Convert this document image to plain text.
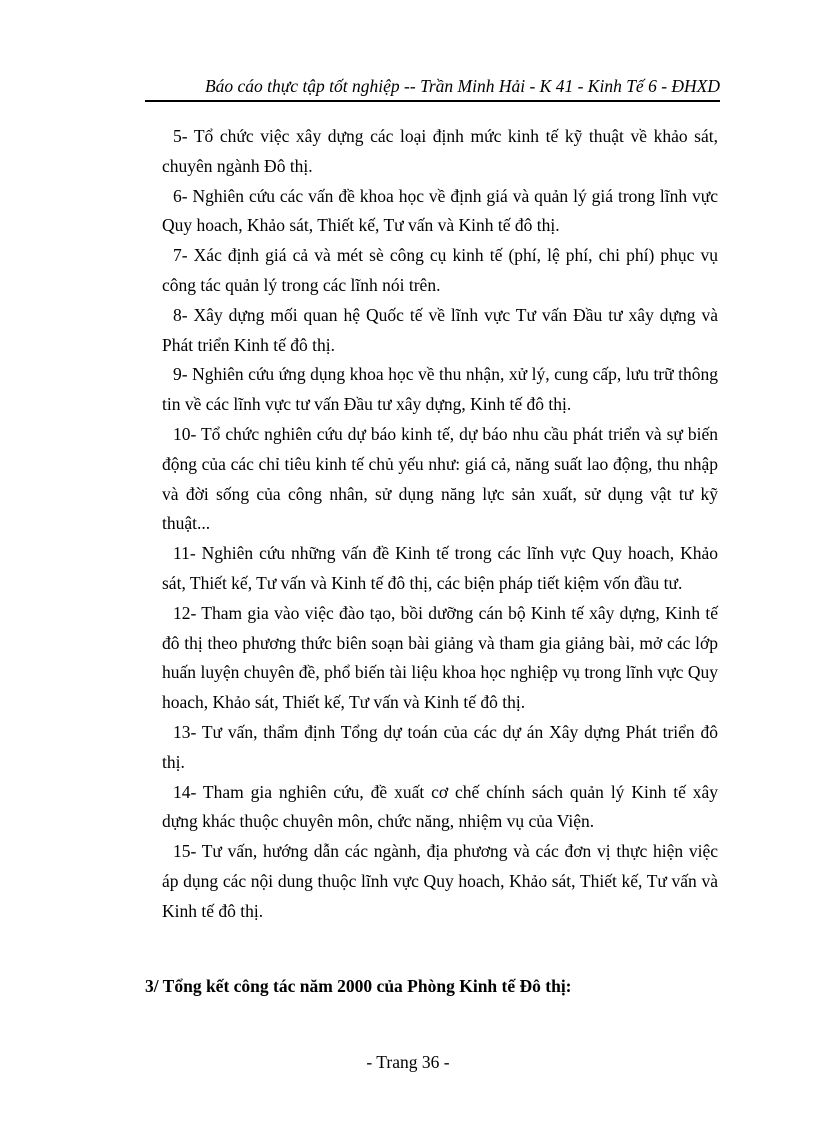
Báo cáo thực tập tốt nghiệp -- Trần Minh Hải - K 41 - Kinh Tế 6 - ĐHXD

5- Tổ chức việc xây dựng các loại định mức kinh tế kỹ thuật về khảo sát, chuyên ngành Đô thị.

6- Nghiên cứu các vấn đề khoa học về định giá và quản lý giá trong lĩnh vực Quy hoach, Khảo sát, Thiết kế, Tư vấn và Kinh tế đô thị.

7- Xác định giá cả và mét sè công cụ kinh tế (phí, lệ phí, chi phí) phục vụ công tác quản lý trong các lĩnh nói trên.

8- Xây dựng mối quan hệ Quốc tế về lĩnh vực Tư vấn Đầu tư xây dựng và Phát triển Kinh tế đô thị.

9- Nghiên cứu ứng dụng khoa học về thu nhận, xử lý, cung cấp, lưu trữ thông tin về các lĩnh vực tư vấn Đầu tư xây dựng, Kinh tế đô thị.

10- Tổ chức nghiên cứu dự báo kinh tế, dự báo nhu cầu phát triển và sự biến động của các chỉ tiêu kinh tế chủ yếu như: giá cả, năng suất lao động, thu nhập và đời sống của công nhân, sử dụng năng lực sản xuất, sử dụng vật tư kỹ thuật...

11- Nghiên cứu những vấn đề Kinh tế trong các lĩnh vực Quy hoach, Khảo sát, Thiết kế, Tư vấn và Kinh tế đô thị, các biện pháp tiết kiệm vốn đầu tư.

12- Tham gia vào việc đào tạo, bồi dưỡng cán bộ Kinh tế xây dựng, Kinh tế đô thị theo phương thức biên soạn bài giảng và tham gia giảng bài, mở các lớp huấn luyện chuyên đề, phổ biến tài liệu khoa học nghiệp vụ trong lĩnh vực Quy hoach, Khảo sát, Thiết kế, Tư vấn và Kinh tế đô thị.

13- Tư vấn, thẩm định Tổng dự toán của các dự án Xây dựng Phát triển đô thị.

14- Tham gia nghiên cứu, đề xuất cơ chế chính sách quản lý Kinh tế xây dựng khác thuộc chuyên môn, chức năng, nhiệm vụ của Viện.

15- Tư vấn, hướng dẫn các ngành, địa phương và các đơn vị thực hiện việc áp dụng các nội dung thuộc lĩnh vực Quy hoach, Khảo sát, Thiết kế, Tư vấn và Kinh tế đô thị.

3/ Tổng kết công tác năm 2000 của Phòng Kinh tế Đô thị:
- Trang 36 -
